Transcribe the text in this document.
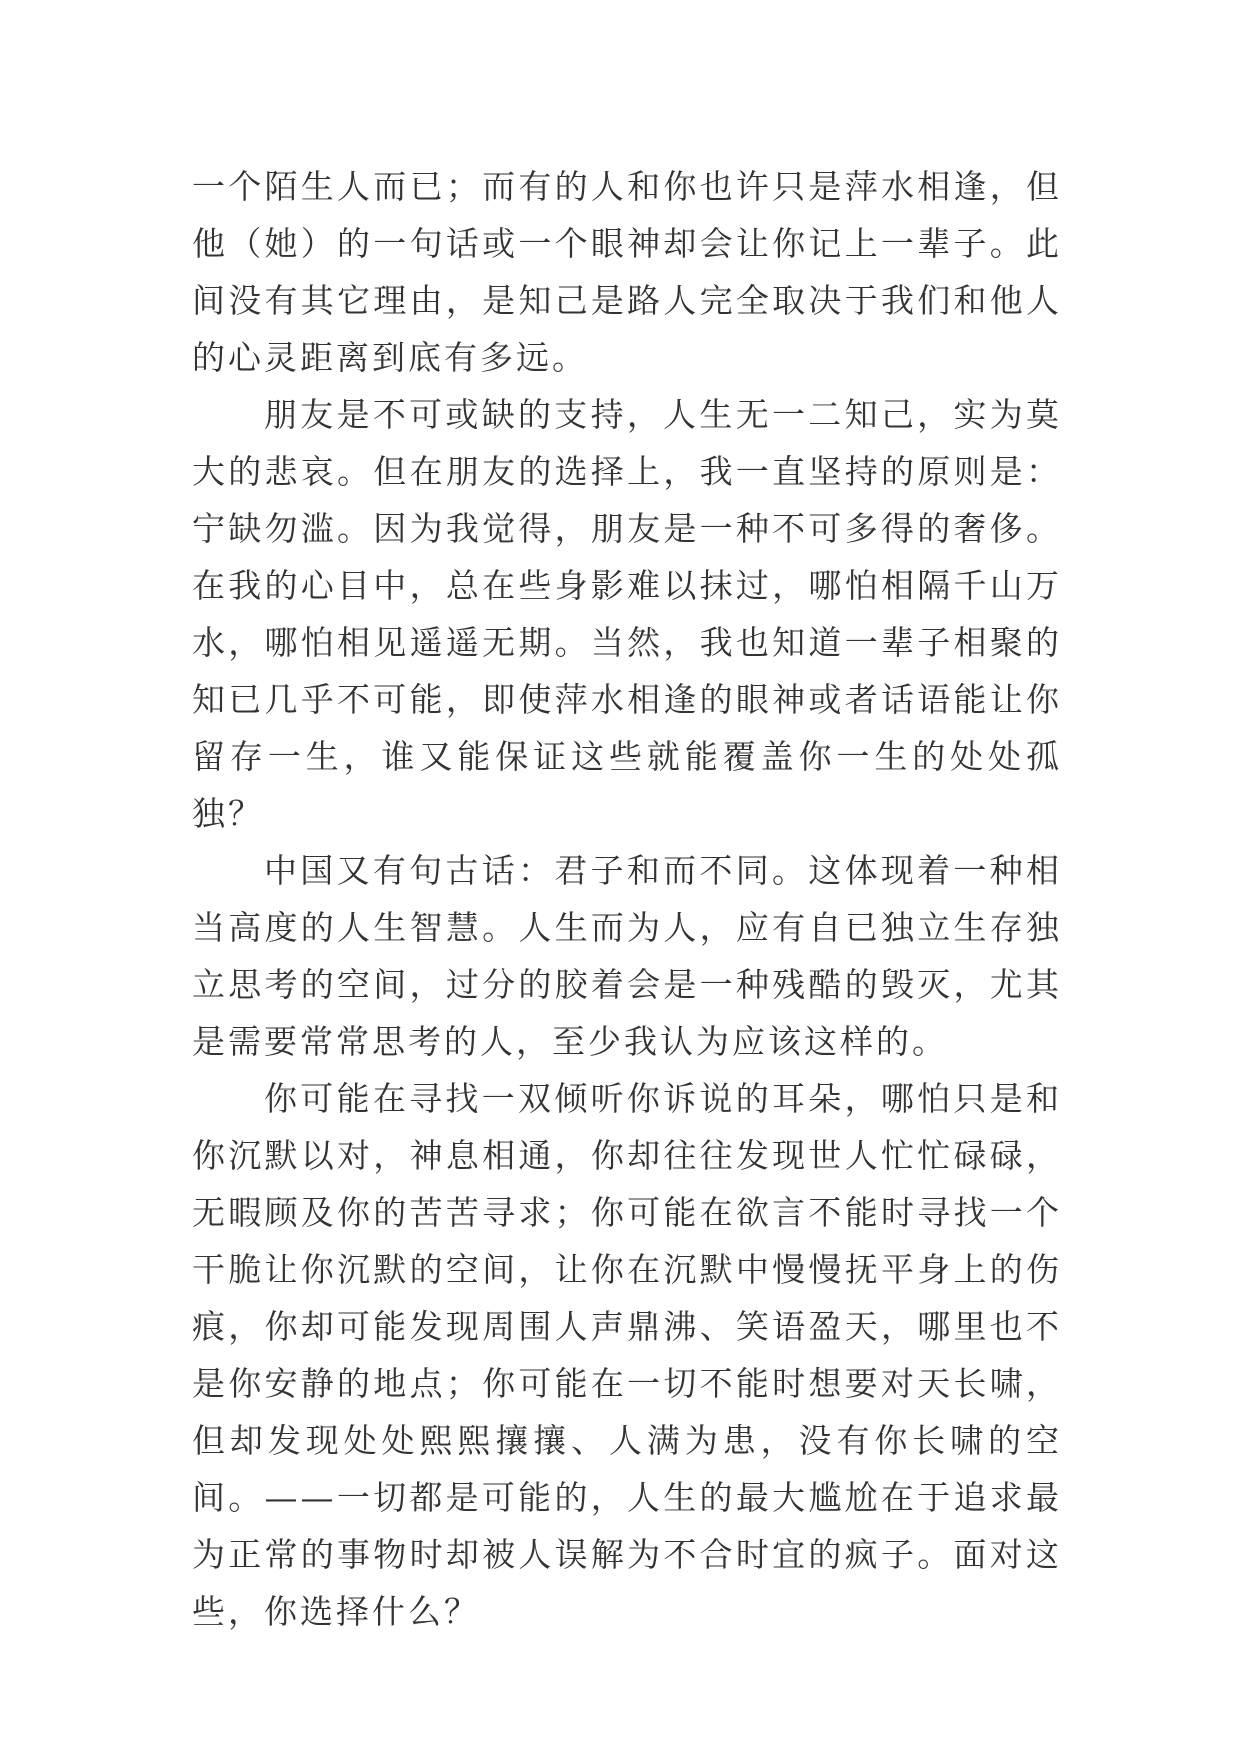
一个陌生人而已；而有的人和你也许只是萍水相逢，但他（她）的一句话或一个眼神却会让你记上一辈子。此间没有其它理由，是知己是路人完全取决于我们和他人的心灵距离到底有多远。

朋友是不可或缺的支持，人生无一二知己，实为莫大的悲哀。但在朋友的选择上，我一直坚持的原则是：宁缺勿滥。因为我觉得，朋友是一种不可多得的奢侈。在我的心目中，总在些身影难以抹过，哪怕相隔千山万水，哪怕相见遥遥无期。当然，我也知道一辈子相聚的知已几乎不可能，即使萍水相逢的眼神或者话语能让你留存一生，谁又能保证这些就能覆盖你一生的处处孤独？

中国又有句古话：君子和而不同。这体现着一种相当高度的人生智慧。人生而为人，应有自已独立生存独立思考的空间，过分的胶着会是一种残酷的毁灭，尤其是需要常常思考的人，至少我认为应该这样的。

你可能在寻找一双倾听你诉说的耳朵，哪怕只是和你沉默以对，神息相通，你却往往发现世人忙忙碌碌，无暇顾及你的苦苦寻求；你可能在欲言不能时寻找一个干脆让你沉默的空间，让你在沉默中慢慢抚平身上的伤痕，你却可能发现周围人声鼎沸、笑语盈天，哪里也不是你安静的地点；你可能在一切不能时想要对天长啸，但却发现处处熙熙攘攘、人满为患，没有你长啸的空间。——一切都是可能的，人生的最大尴尬在于追求最为正常的事物时却被人误解为不合时宜的疯子。面对这些，你选择什么？
